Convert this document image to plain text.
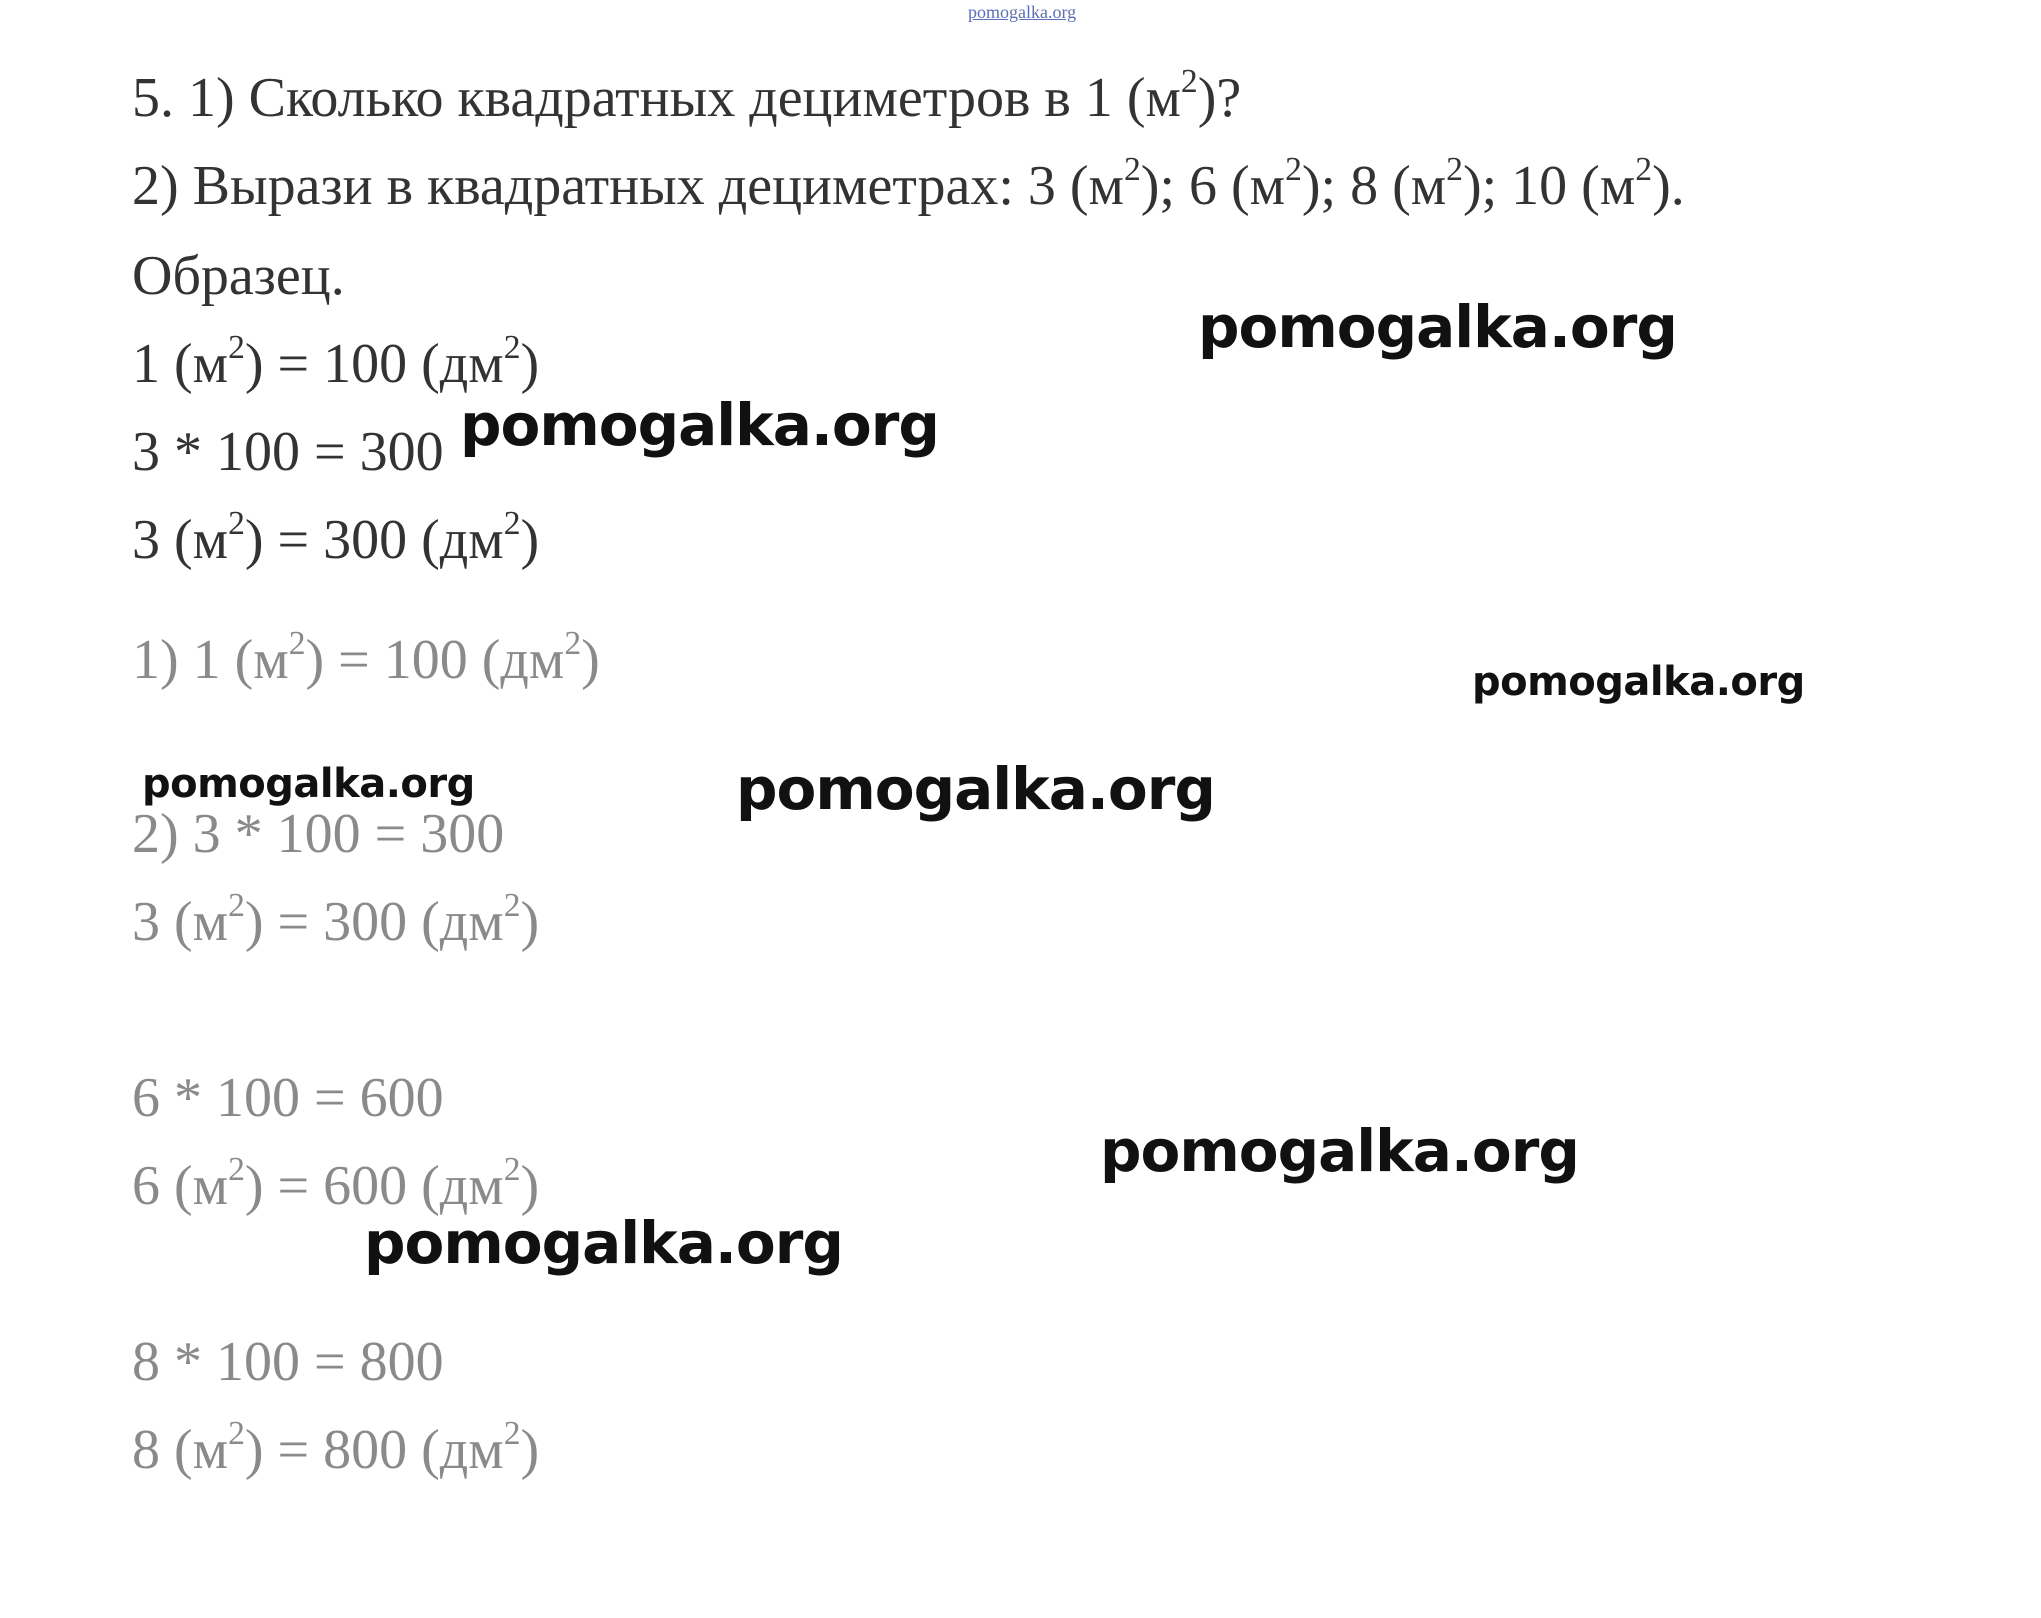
pomogalka.org
5. 1) Сколько квадратных дециметров в 1 $(м^2)$?
2) Вырази в квадратных дециметрах: 3 $(м^2)$; 6 $(м^2)$; 8 $(м^2)$; 10 $(м^2)$.
Образец.
1 $(м^2) = 100$ $(дм^2)$
3 * 100 = 300
3 $(м^2) = 300$ $(дм^2)$
1) 1 $(м^2) = 100$ $(дм^2)$
2) 3 * 100 = 300
3 $(м^2) = 300$ $(дм^2)$
6 * 100 = 600
6 $(м^2) = 600$ $(дм^2)$
8 * 100 = 800
8 $(м^2) = 800$ $(дм^2)$
pomogalka.org
pomogalka.org
pomogalka.org
pomogalka.org	pomogalka.org
pomogalka.org
pomogalka.org
